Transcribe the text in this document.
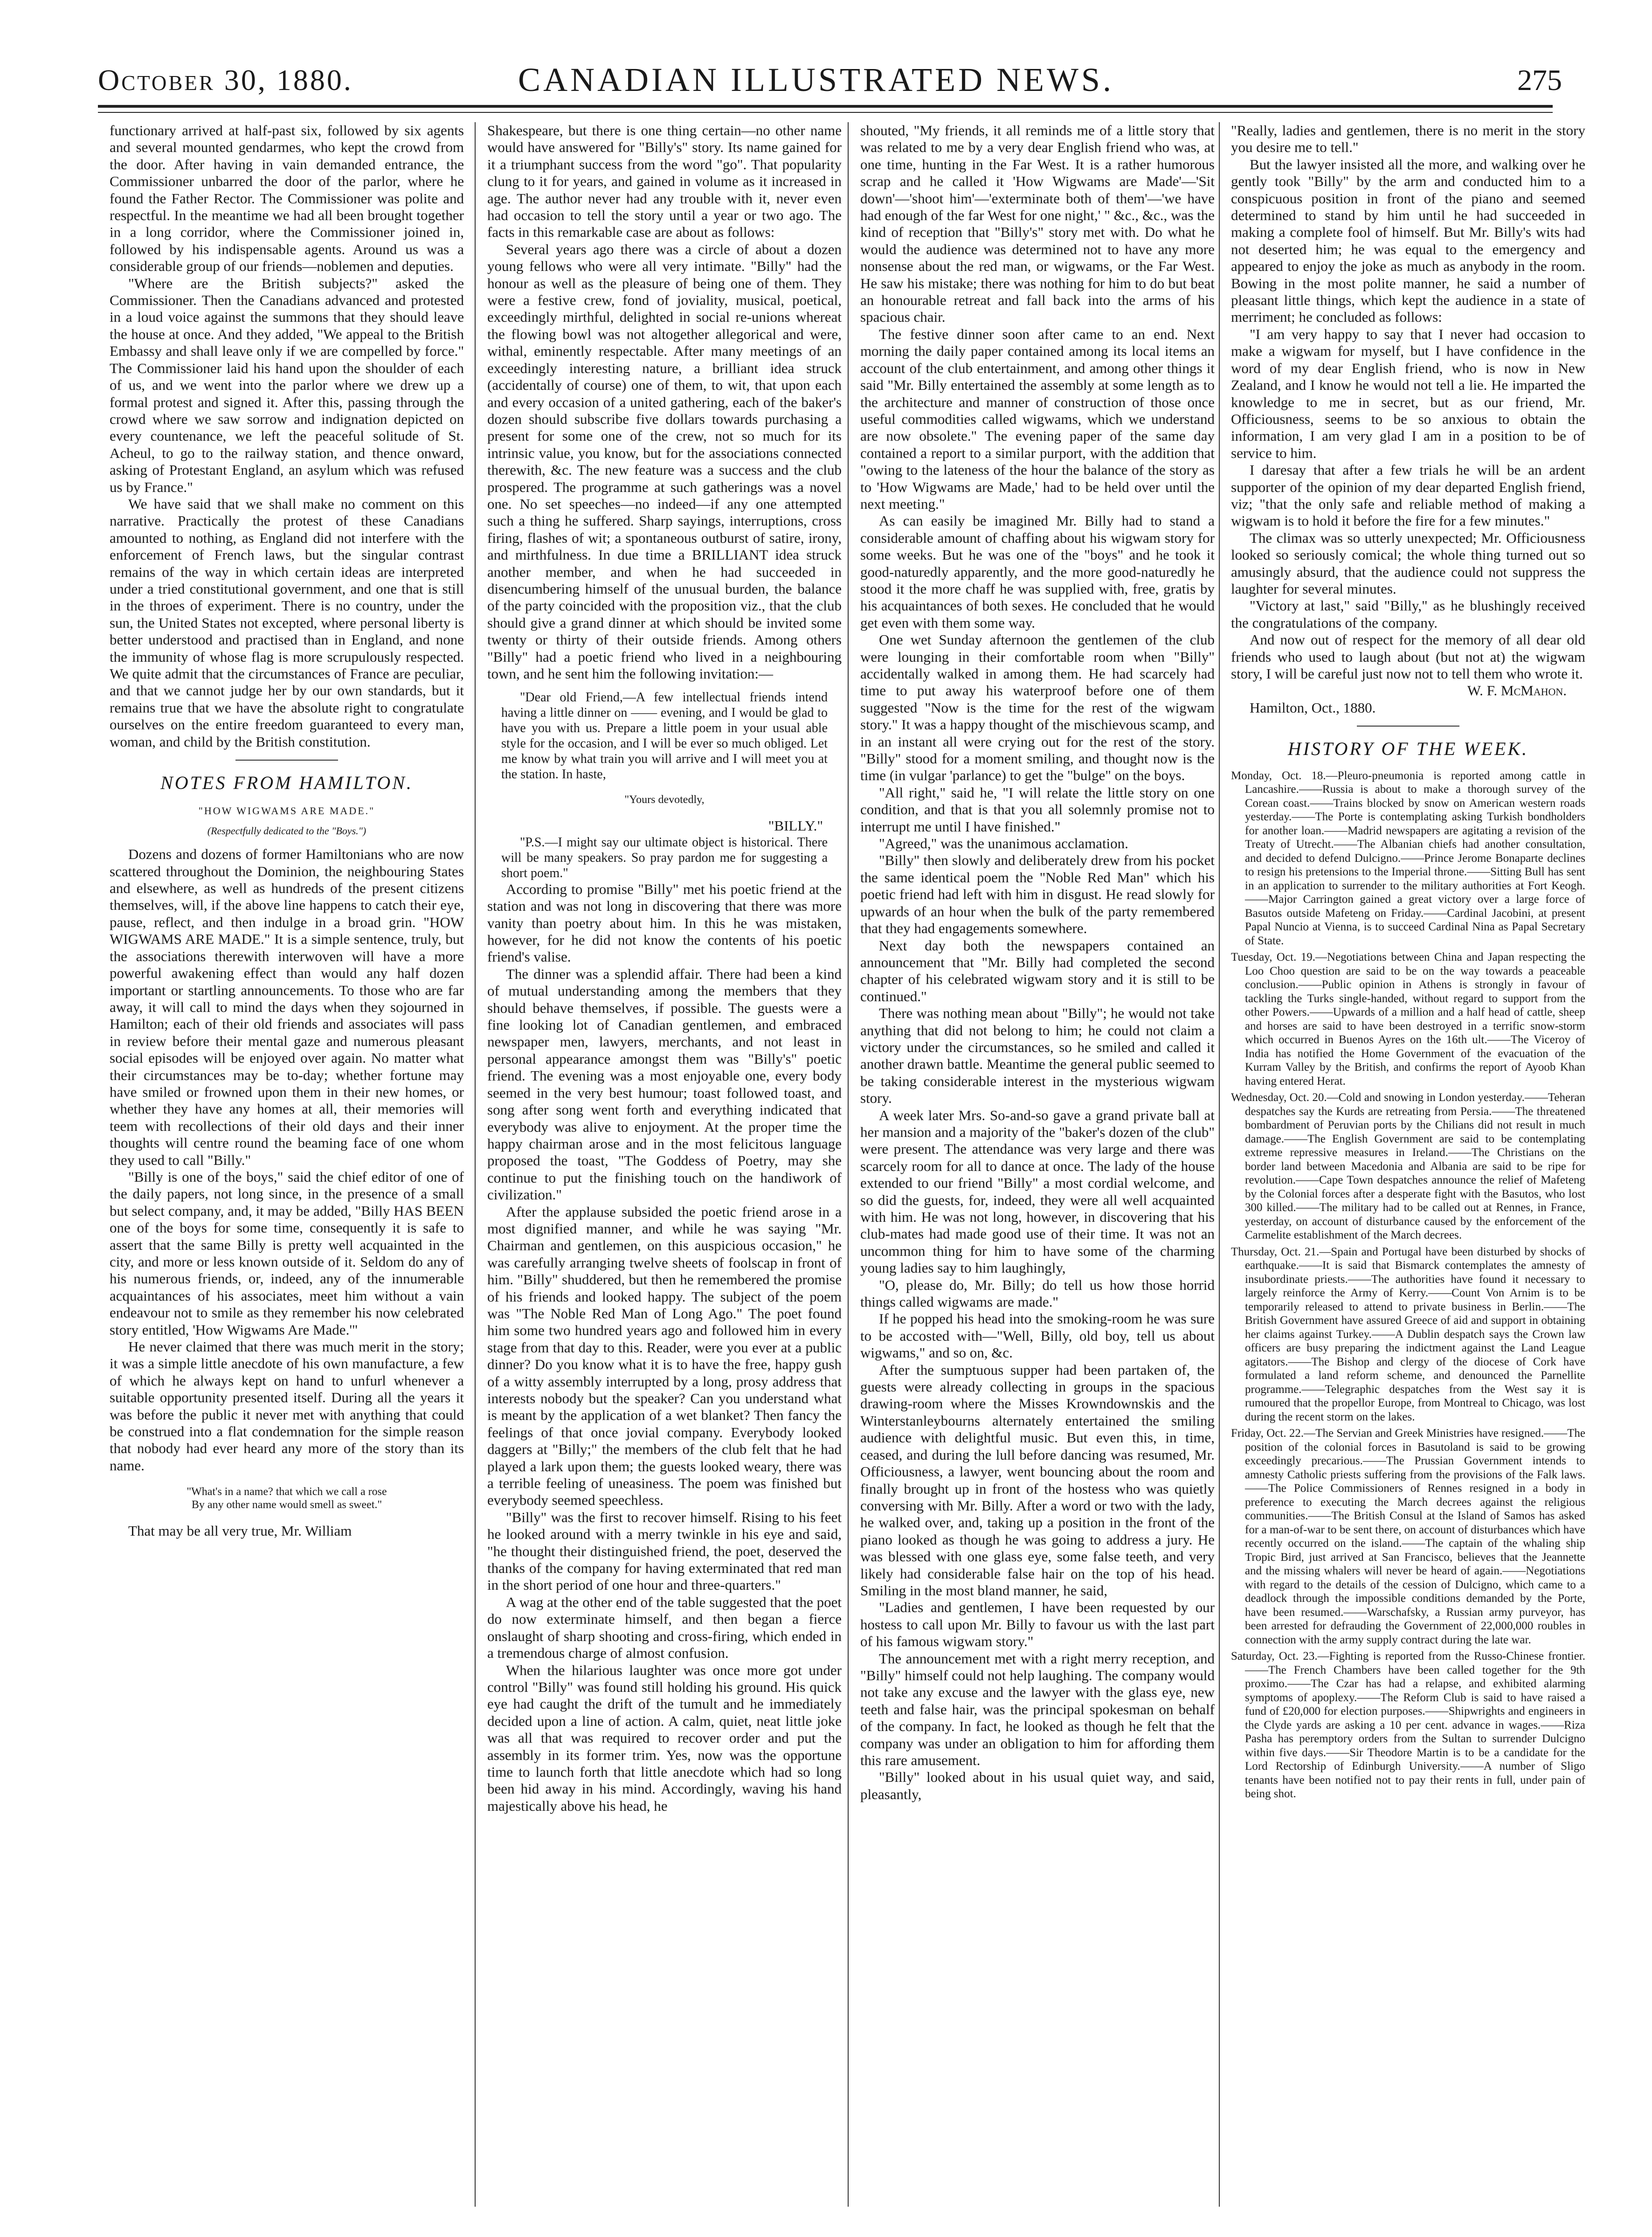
October 30, 1880.	CANADIAN ILLUSTRATED NEWS.	275

functionary arrived at half-past six, followed by six agents and several mounted gendarmes, who kept the crowd from the door. After having in vain demanded entrance, the Commissioner unbarred the door of the parlor, where he found the Father Rector. The Commissioner was polite and respectful. In the meantime we had all been brought together in a long corridor, where the Commissioner joined in, followed by his indispensable agents. Around us was a considerable group of our friends—noblemen and deputies.

"Where are the British subjects?" asked the Commissioner. Then the Canadians advanced and protested in a loud voice against the summons that they should leave the house at once. And they added, "We appeal to the British Embassy and shall leave only if we are compelled by force." The Commissioner laid his hand upon the shoulder of each of us, and we went into the parlor where we drew up a formal protest and signed it. After this, passing through the crowd where we saw sorrow and indignation depicted on every countenance, we left the peaceful solitude of St. Acheul, to go to the railway station, and thence onward, asking of Protestant England, an asylum which was refused us by France."

We have said that we shall make no comment on this narrative. Practically the protest of these Canadians amounted to nothing, as England did not interfere with the enforcement of French laws, but the singular contrast remains of the way in which certain ideas are interpreted under a tried constitutional government, and one that is still in the throes of experiment. There is no country, under the sun, the United States not excepted, where personal liberty is better understood and practised than in England, and none the immunity of whose flag is more scrupulously respected. We quite admit that the circumstances of France are peculiar, and that we cannot judge her by our own standards, but it remains true that we have the absolute right to congratulate ourselves on the entire freedom guaranteed to every man, woman, and child by the British constitution.

NOTES FROM HAMILTON.
"HOW WIGWAMS ARE MADE."
(Respectfully dedicated to the "Boys.")

Dozens and dozens of former Hamiltonians who are now scattered throughout the Dominion, the neighbouring States and elsewhere, as well as hundreds of the present citizens themselves, will, if the above line happens to catch their eye, pause, reflect, and then indulge in a broad grin. "HOW WIGWAMS ARE MADE." It is a simple sentence, truly, but the associations therewith interwoven will have a more powerful awakening effect than would any half dozen important or startling announcements. To those who are far away, it will call to mind the days when they sojourned in Hamilton; each of their old friends and associates will pass in review before their mental gaze and numerous pleasant social episodes will be enjoyed over again. No matter what their circumstances may be to-day; whether fortune may have smiled or frowned upon them in their new homes, or whether they have any homes at all, their memories will teem with recollections of their old days and their inner thoughts will centre round the beaming face of one whom they used to call "Billy."

"Billy is one of the boys," said the chief editor of one of the daily papers, not long since, in the presence of a small but select company, and, it may be added, "Billy HAS BEEN one of the boys for some time, consequently it is safe to assert that the same Billy is pretty well acquainted in the city, and more or less known outside of it. Seldom do any of his numerous friends, or, indeed, any of the innumerable acquaintances of his associates, meet him without a vain endeavour not to smile as they remember his now celebrated story entitled, 'How Wigwams Are Made.'"

He never claimed that there was much merit in the story; it was a simple little anecdote of his own manufacture, a few of which he always kept on hand to unfurl whenever a suitable opportunity presented itself. During all the years it was before the public it never met with anything that could be construed into a flat condemnation for the simple reason that nobody had ever heard any more of the story than its name.

"What's in a name? that which we call a rose
By any other name would smell as sweet."

That may be all very true, Mr. William

Shakespeare, but there is one thing certain—no other name would have answered for "Billy's" story. Its name gained for it a triumphant success from the word "go". That popularity clung to it for years, and gained in volume as it increased in age. The author never had any trouble with it, never even had occasion to tell the story until a year or two ago. The facts in this remarkable case are about as follows:

Several years ago there was a circle of about a dozen young fellows who were all very intimate. "Billy" had the honour as well as the pleasure of being one of them. They were a festive crew, fond of joviality, musical, poetical, exceedingly mirthful, delighted in social re-unions whereat the flowing bowl was not altogether allegorical and were, withal, eminently respectable. After many meetings of an exceedingly interesting nature, a brilliant idea struck (accidentally of course) one of them, to wit, that upon each and every occasion of a united gathering, each of the baker's dozen should subscribe five dollars towards purchasing a present for some one of the crew, not so much for its intrinsic value, you know, but for the associations connected therewith, &c. The new feature was a success and the club prospered. The programme at such gatherings was a novel one. No set speeches—no indeed—if any one attempted such a thing he suffered. Sharp sayings, interruptions, cross firing, flashes of wit; a spontaneous outburst of satire, irony, and mirthfulness. In due time a BRILLIANT idea struck another member, and when he had succeeded in disencumbering himself of the unusual burden, the balance of the party coincided with the proposition viz., that the club should give a grand dinner at which should be invited some twenty or thirty of their outside friends. Among others "Billy" had a poetic friend who lived in a neighbouring town, and he sent him the following invitation:—

"Dear old Friend,—A few intellectual friends intend having a little dinner on —— evening, and I would be glad to have you with us. Prepare a little poem in your usual able style for the occasion, and I will be ever so much obliged. Let me know by what train you will arrive and I will meet you at the station. In haste,

"Yours devotedly,
"BILLY."

"P.S.—I might say our ultimate object is historical. There will be many speakers. So pray pardon me for suggesting a short poem."

According to promise "Billy" met his poetic friend at the station and was not long in discovering that there was more vanity than poetry about him. In this he was mistaken, however, for he did not know the contents of his poetic friend's valise.

The dinner was a splendid affair. There had been a kind of mutual understanding among the members that they should behave themselves, if possible. The guests were a fine looking lot of Canadian gentlemen, and embraced newspaper men, lawyers, merchants, and not least in personal appearance amongst them was "Billy's" poetic friend. The evening was a most enjoyable one, every body seemed in the very best humour; toast followed toast, and song after song went forth and everything indicated that everybody was alive to enjoyment. At the proper time the happy chairman arose and in the most felicitous language proposed the toast, "The Goddess of Poetry, may she continue to put the finishing touch on the handiwork of civilization."

After the applause subsided the poetic friend arose in a most dignified manner, and while he was saying "Mr. Chairman and gentlemen, on this auspicious occasion," he was carefully arranging twelve sheets of foolscap in front of him. "Billy" shuddered, but then he remembered the promise of his friends and looked happy. The subject of the poem was "The Noble Red Man of Long Ago." The poet found him some two hundred years ago and followed him in every stage from that day to this. Reader, were you ever at a public dinner? Do you know what it is to have the free, happy gush of a witty assembly interrupted by a long, prosy address that interests nobody but the speaker? Can you understand what is meant by the application of a wet blanket? Then fancy the feelings of that once jovial company. Everybody looked daggers at "Billy;" the members of the club felt that he had played a lark upon them; the guests looked weary, there was a terrible feeling of uneasiness. The poem was finished but everybody seemed speechless.

"Billy" was the first to recover himself. Rising to his feet he looked around with a merry twinkle in his eye and said, "he thought their distinguished friend, the poet, deserved the thanks of the company for having exterminated that red man in the short period of one hour and three-quarters."

A wag at the other end of the table suggested that the poet do now exterminate himself, and then began a fierce onslaught of sharp shooting and cross-firing, which ended in a tremendous charge of almost confusion.

When the hilarious laughter was once more got under control "Billy" was found still holding his ground. His quick eye had caught the drift of the tumult and he immediately decided upon a line of action. A calm, quiet, neat little joke was all that was required to recover order and put the assembly in its former trim. Yes, now was the opportune time to launch forth that little anecdote which had so long been hid away in his mind. Accordingly, waving his hand majestically above his head, he

shouted, "My friends, it all reminds me of a little story that was related to me by a very dear English friend who was, at one time, hunting in the Far West. It is a rather humorous scrap and he called it 'How Wigwams are Made'—'Sit down'—'shoot him'—'exterminate both of them'—'we have had enough of the far West for one night,' " &c., &c., was the kind of reception that "Billy's" story met with. Do what he would the audience was determined not to have any more nonsense about the red man, or wigwams, or the Far West. He saw his mistake; there was nothing for him to do but beat an honourable retreat and fall back into the arms of his spacious chair.

The festive dinner soon after came to an end. Next morning the daily paper contained among its local items an account of the club entertainment, and among other things it said "Mr. Billy entertained the assembly at some length as to the architecture and manner of construction of those once useful commodities called wigwams, which we understand are now obsolete." The evening paper of the same day contained a report to a similar purport, with the addition that "owing to the lateness of the hour the balance of the story as to 'How Wigwams are Made,' had to be held over until the next meeting."

As can easily be imagined Mr. Billy had to stand a considerable amount of chaffing about his wigwam story for some weeks. But he was one of the "boys" and he took it good-naturedly apparently, and the more good-naturedly he stood it the more chaff he was supplied with, free, gratis by his acquaintances of both sexes. He concluded that he would get even with them some way.

One wet Sunday afternoon the gentlemen of the club were lounging in their comfortable room when "Billy" accidentally walked in among them. He had scarcely had time to put away his waterproof before one of them suggested "Now is the time for the rest of the wigwam story." It was a happy thought of the mischievous scamp, and in an instant all were crying out for the rest of the story. "Billy" stood for a moment smiling, and thought now is the time (in vulgar 'parlance) to get the "bulge" on the boys.

"All right," said he, "I will relate the little story on one condition, and that is that you all solemnly promise not to interrupt me until I have finished."

"Agreed," was the unanimous acclamation.

"Billy" then slowly and deliberately drew from his pocket the same identical poem the "Noble Red Man" which his poetic friend had left with him in disgust. He read slowly for upwards of an hour when the bulk of the party remembered that they had engagements somewhere.

Next day both the newspapers contained an announcement that "Mr. Billy had completed the second chapter of his celebrated wigwam story and it is still to be continued."

There was nothing mean about "Billy"; he would not take anything that did not belong to him; he could not claim a victory under the circumstances, so he smiled and called it another drawn battle. Meantime the general public seemed to be taking considerable interest in the mysterious wigwam story.

A week later Mrs. So-and-so gave a grand private ball at her mansion and a majority of the "baker's dozen of the club" were present. The attendance was very large and there was scarcely room for all to dance at once. The lady of the house extended to our friend "Billy" a most cordial welcome, and so did the guests, for, indeed, they were all well acquainted with him. He was not long, however, in discovering that his club-mates had made good use of their time. It was not an uncommon thing for him to have some of the charming young ladies say to him laughingly,

"O, please do, Mr. Billy; do tell us how those horrid things called wigwams are made."

If he popped his head into the smoking-room he was sure to be accosted with—"Well, Billy, old boy, tell us about wigwams," and so on, &c.

After the sumptuous supper had been partaken of, the guests were already collecting in groups in the spacious drawing-room where the Misses Krowndownskis and the Winterstanleybourns alternately entertained the smiling audience with delightful music. But even this, in time, ceased, and during the lull before dancing was resumed, Mr. Officiousness, a lawyer, went bouncing about the room and finally brought up in front of the hostess who was quietly conversing with Mr. Billy. After a word or two with the lady, he walked over, and, taking up a position in the front of the piano looked as though he was going to address a jury. He was blessed with one glass eye, some false teeth, and very likely had considerable false hair on the top of his head. Smiling in the most bland manner, he said,

"Ladies and gentlemen, I have been requested by our hostess to call upon Mr. Billy to favour us with the last part of his famous wigwam story."

The announcement met with a right merry reception, and "Billy" himself could not help laughing. The company would not take any excuse and the lawyer with the glass eye, new teeth and false hair, was the principal spokesman on behalf of the company. In fact, he looked as though he felt that the company was under an obligation to him for affording them this rare amusement.

"Billy" looked about in his usual quiet way, and said, pleasantly,

"Really, ladies and gentlemen, there is no merit in the story you desire me to tell."

But the lawyer insisted all the more, and walking over he gently took "Billy" by the arm and conducted him to a conspicuous position in front of the piano and seemed determined to stand by him until he had succeeded in making a complete fool of himself. But Mr. Billy's wits had not deserted him; he was equal to the emergency and appeared to enjoy the joke as much as anybody in the room. Bowing in the most polite manner, he said a number of pleasant little things, which kept the audience in a state of merriment; he concluded as follows:

"I am very happy to say that I never had occasion to make a wigwam for myself, but I have confidence in the word of my dear English friend, who is now in New Zealand, and I know he would not tell a lie. He imparted the knowledge to me in secret, but as our friend, Mr. Officiousness, seems to be so anxious to obtain the information, I am very glad I am in a position to be of service to him.

I daresay that after a few trials he will be an ardent supporter of the opinion of my dear departed English friend, viz; "that the only safe and reliable method of making a wigwam is to hold it before the fire for a few minutes."

The climax was so utterly unexpected; Mr. Officiousness looked so seriously comical; the whole thing turned out so amusingly absurd, that the audience could not suppress the laughter for several minutes.

"Victory at last," said "Billy," as he blushingly received the congratulations of the company.

And now out of respect for the memory of all dear old friends who used to laugh about (but not at) the wigwam story, I will be careful just now not to tell them who wrote it.

W. F. McMahon.

Hamilton, Oct., 1880.

HISTORY OF THE WEEK.

Monday, Oct. 18.—Pleuro-pneumonia is reported among cattle in Lancashire.——Russia is about to make a thorough survey of the Corean coast.——Trains blocked by snow on American western roads yesterday.——The Porte is contemplating asking Turkish bondholders for another loan.——Madrid newspapers are agitating a revision of the Treaty of Utrecht.——The Albanian chiefs had another consultation, and decided to defend Dulcigno.——Prince Jerome Bonaparte declines to resign his pretensions to the Imperial throne.——Sitting Bull has sent in an application to surrender to the military authorities at Fort Keogh.——Major Carrington gained a great victory over a large force of Basutos outside Mafeteng on Friday.——Cardinal Jacobini, at present Papal Nuncio at Vienna, is to succeed Cardinal Nina as Papal Secretary of State.

Tuesday, Oct. 19.—Negotiations between China and Japan respecting the Loo Choo question are said to be on the way towards a peaceable conclusion.——Public opinion in Athens is strongly in favour of tackling the Turks single-handed, without regard to support from the other Powers.——Upwards of a million and a half head of cattle, sheep and horses are said to have been destroyed in a terrific snow-storm which occurred in Buenos Ayres on the 16th ult.——The Viceroy of India has notified the Home Government of the evacuation of the Kurram Valley by the British, and confirms the report of Ayoob Khan having entered Herat.

Wednesday, Oct. 20.—Cold and snowing in London yesterday.——Teheran despatches say the Kurds are retreating from Persia.——The threatened bombardment of Peruvian ports by the Chilians did not result in much damage.——The English Government are said to be contemplating extreme repressive measures in Ireland.——The Christians on the border land between Macedonia and Albania are said to be ripe for revolution.——Cape Town despatches announce the relief of Mafeteng by the Colonial forces after a desperate fight with the Basutos, who lost 300 killed.——The military had to be called out at Rennes, in France, yesterday, on account of disturbance caused by the enforcement of the Carmelite establishment of the March decrees.

Thursday, Oct. 21.—Spain and Portugal have been disturbed by shocks of earthquake.——It is said that Bismarck contemplates the amnesty of insubordinate priests.——The authorities have found it necessary to largely reinforce the Army of Kerry.——Count Von Arnim is to be temporarily released to attend to private business in Berlin.——The British Government have assured Greece of aid and support in obtaining her claims against Turkey.——A Dublin despatch says the Crown law officers are busy preparing the indictment against the Land League agitators.——The Bishop and clergy of the diocese of Cork have formulated a land reform scheme, and denounced the Parnellite programme.——Telegraphic despatches from the West say it is rumoured that the propellor Europe, from Montreal to Chicago, was lost during the recent storm on the lakes.

Friday, Oct. 22.—The Servian and Greek Ministries have resigned.——The position of the colonial forces in Basutoland is said to be growing exceedingly precarious.——The Prussian Government intends to amnesty Catholic priests suffering from the provisions of the Falk laws.——The Police Commissioners of Rennes resigned in a body in preference to executing the March decrees against the religious communities.——The British Consul at the Island of Samos has asked for a man-of-war to be sent there, on account of disturbances which have recently occurred on the island.——The captain of the whaling ship Tropic Bird, just arrived at San Francisco, believes that the Jeannette and the missing whalers will never be heard of again.——Negotiations with regard to the details of the cession of Dulcigno, which came to a deadlock through the impossible conditions demanded by the Porte, have been resumed.——Warschafsky, a Russian army purveyor, has been arrested for defrauding the Government of 22,000,000 roubles in connection with the army supply contract during the late war.

Saturday, Oct. 23.—Fighting is reported from the Russo-Chinese frontier.——The French Chambers have been called together for the 9th proximo.——The Czar has had a relapse, and exhibited alarming symptoms of apoplexy.——The Reform Club is said to have raised a fund of £20,000 for election purposes.——Shipwrights and engineers in the Clyde yards are asking a 10 per cent. advance in wages.——Riza Pasha has peremptory orders from the Sultan to surrender Dulcigno within five days.——Sir Theodore Martin is to be a candidate for the Lord Rectorship of Edinburgh University.——A number of Sligo tenants have been notified not to pay their rents in full, under pain of being shot.
